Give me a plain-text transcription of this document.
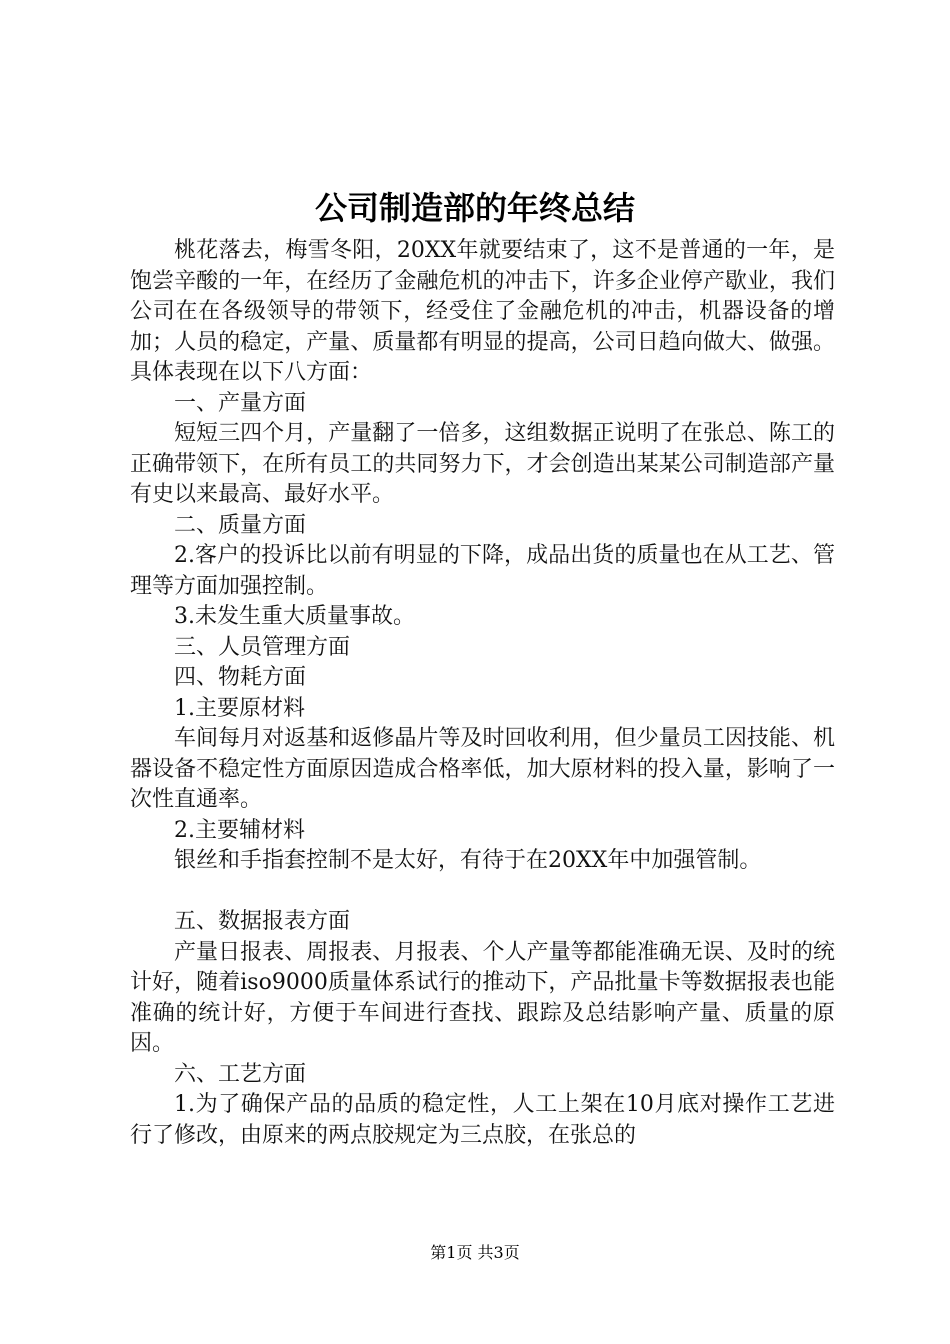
公司制造部的年终总结

桃花落去，梅雪冬阳，20XX年就要结束了，这不是普通的一年，是饱尝辛酸的一年，在经历了金融危机的冲击下，许多企业停产歇业，我们公司在在各级领导的带领下，经受住了金融危机的冲击，机器设备的增加；人员的稳定，产量、质量都有明显的提高，公司日趋向做大、做强。具体表现在以下八方面：

一、产量方面

短短三四个月，产量翻了一倍多，这组数据正说明了在张总、陈工的正确带领下，在所有员工的共同努力下，才会创造出某某公司制造部产量有史以来最高、最好水平。

二、质量方面

2.客户的投诉比以前有明显的下降，成品出货的质量也在从工艺、管理等方面加强控制。

3.未发生重大质量事故。

三、人员管理方面

四、物耗方面

1.主要原材料

车间每月对返基和返修晶片等及时回收利用，但少量员工因技能、机器设备不稳定性方面原因造成合格率低，加大原材料的投入量，影响了一次性直通率。

2.主要辅材料

银丝和手指套控制不是太好，有待于在20XX年中加强管制。

五、数据报表方面

产量日报表、周报表、月报表、个人产量等都能准确无误、及时的统计好，随着iso9000质量体系试行的推动下，产品批量卡等数据报表也能准确的统计好，方便于车间进行查找、跟踪及总结影响产量、质量的原因。

六、工艺方面

1.为了确保产品的品质的稳定性，人工上架在10月底对操作工艺进行了修改，由原来的两点胶规定为三点胶，在张总的

第1页 共3页
